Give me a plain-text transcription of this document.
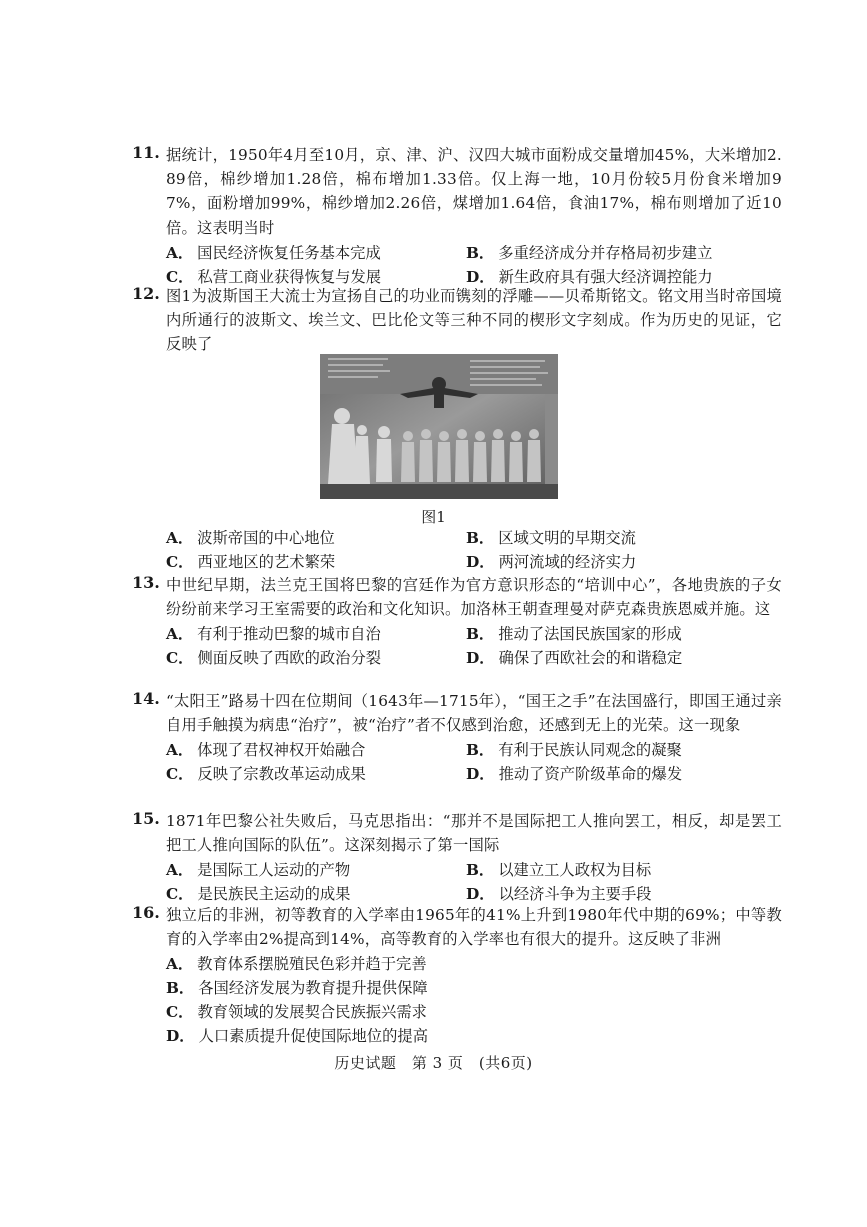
11. 据统计，1950年4月至10月，京、津、沪、汉四大城市面粉成交量增加45%，大米增加2.89倍，棉纱增加1.28倍，棉布增加1.33倍。仅上海一地，10月份较5月份食米增加97%，面粉增加99%，棉纱增加2.26倍，煤增加1.64倍，食油17%，棉布则增加了近10倍。这表明当时
A． 国民经济恢复任务基本完成	B． 多重经济成分并存格局初步建立
C． 私营工商业获得恢复与发展	D． 新生政府具有强大经济调控能力
12. 图1为波斯国王大流士为宣扬自己的功业而镌刻的浮雕——贝希斯铭文。铭文用当时帝国境内所通行的波斯文、埃兰文、巴比伦文等三种不同的楔形文字刻成。作为历史的见证，它反映了
图1
A． 波斯帝国的中心地位	B． 区域文明的早期交流
C． 西亚地区的艺术繁荣	D． 两河流域的经济实力
13. 中世纪早期，法兰克王国将巴黎的宫廷作为官方意识形态的“培训中心”，各地贵族的子女纷纷前来学习王室需要的政治和文化知识。加洛林王朝查理曼对萨克森贵族恩威并施。这
A． 有利于推动巴黎的城市自治	B． 推动了法国民族国家的形成
C． 侧面反映了西欧的政治分裂	D． 确保了西欧社会的和谐稳定
14. “太阳王”路易十四在位期间（1643年—1715年），“国王之手”在法国盛行，即国王通过亲自用手触摸为病患“治疗”，被“治疗”者不仅感到治愈，还感到无上的光荣。这一现象
A． 体现了君权神权开始融合	B． 有利于民族认同观念的凝聚
C． 反映了宗教改革运动成果	D． 推动了资产阶级革命的爆发
15. 1871年巴黎公社失败后，马克思指出：“那并不是国际把工人推向罢工，相反，却是罢工把工人推向国际的队伍”。这深刻揭示了第一国际
A． 是国际工人运动的产物	B． 以建立工人政权为目标
C． 是民族民主运动的成果	D． 以经济斗争为主要手段
16. 独立后的非洲，初等教育的入学率由1965年的41%上升到1980年代中期的69%；中等教育的入学率由2%提高到14%，高等教育的入学率也有很大的提升。这反映了非洲
A． 教育体系摆脱殖民色彩并趋于完善
B． 各国经济发展为教育提升提供保障
C． 教育领域的发展契合民族振兴需求
D． 人口素质提升促使国际地位的提高
历史试题　第 3 页　(共6页)
